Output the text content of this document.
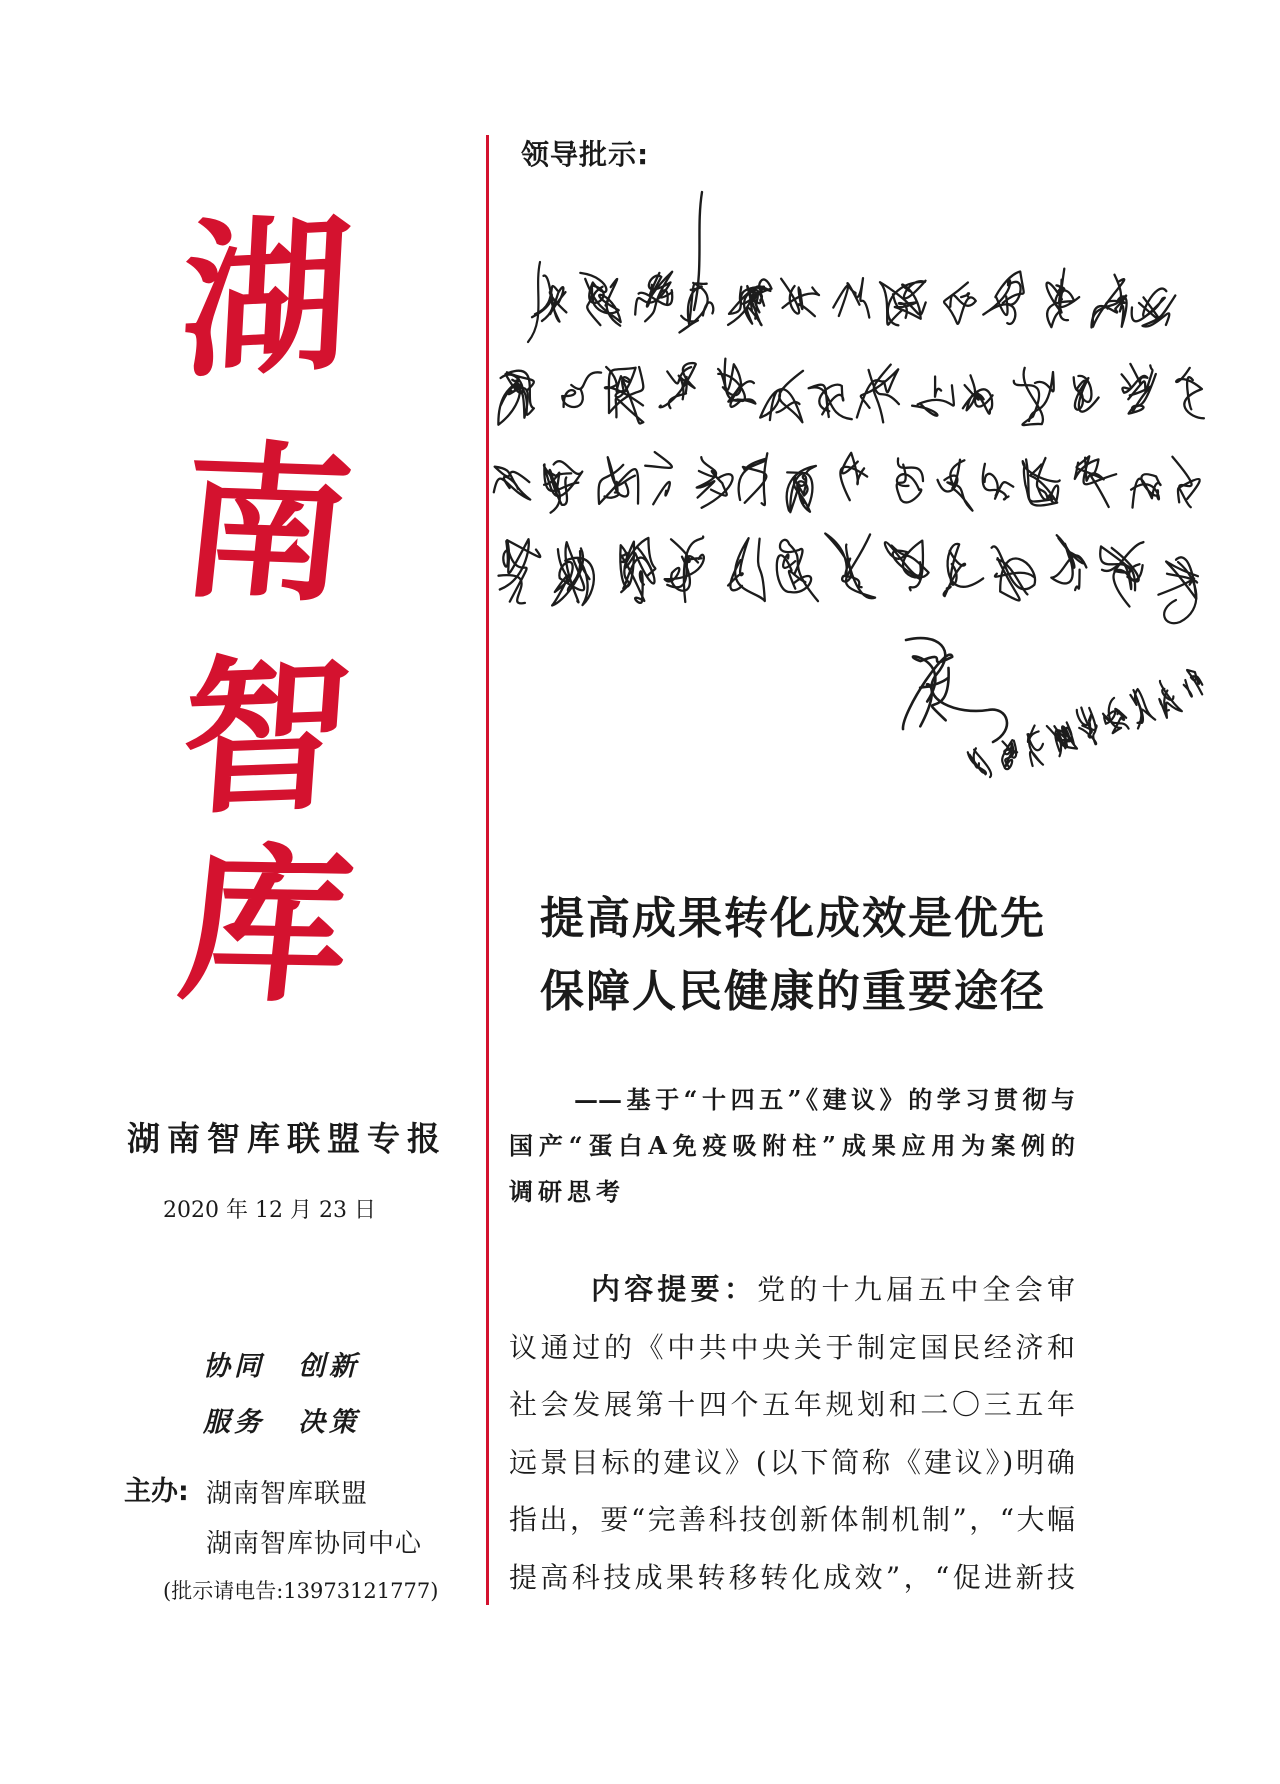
湖
南
智
库
湖南智库联盟专报
2020 年 12 月 23 日
协同 创新
服务 决策
主办: 湖南智库联盟
湖南智库协同中心
(批示请电告:13973121777)
领导批示:
提高成果转化成效是优先
保障人民健康的重要途径
——基于“十四五”《建议》的学习贯彻与
国产“蛋白A免疫吸附柱”成果应用为案例的
调研思考
内容提要：党的十九届五中全会审
议通过的《中共中央关于制定国民经济和
社会发展第十四个五年规划和二〇三五年
远景目标的建议》(以下简称《建议》)明确
指出，要“完善科技创新体制机制”，“大幅
提高科技成果转移转化成效”，“促进新技
